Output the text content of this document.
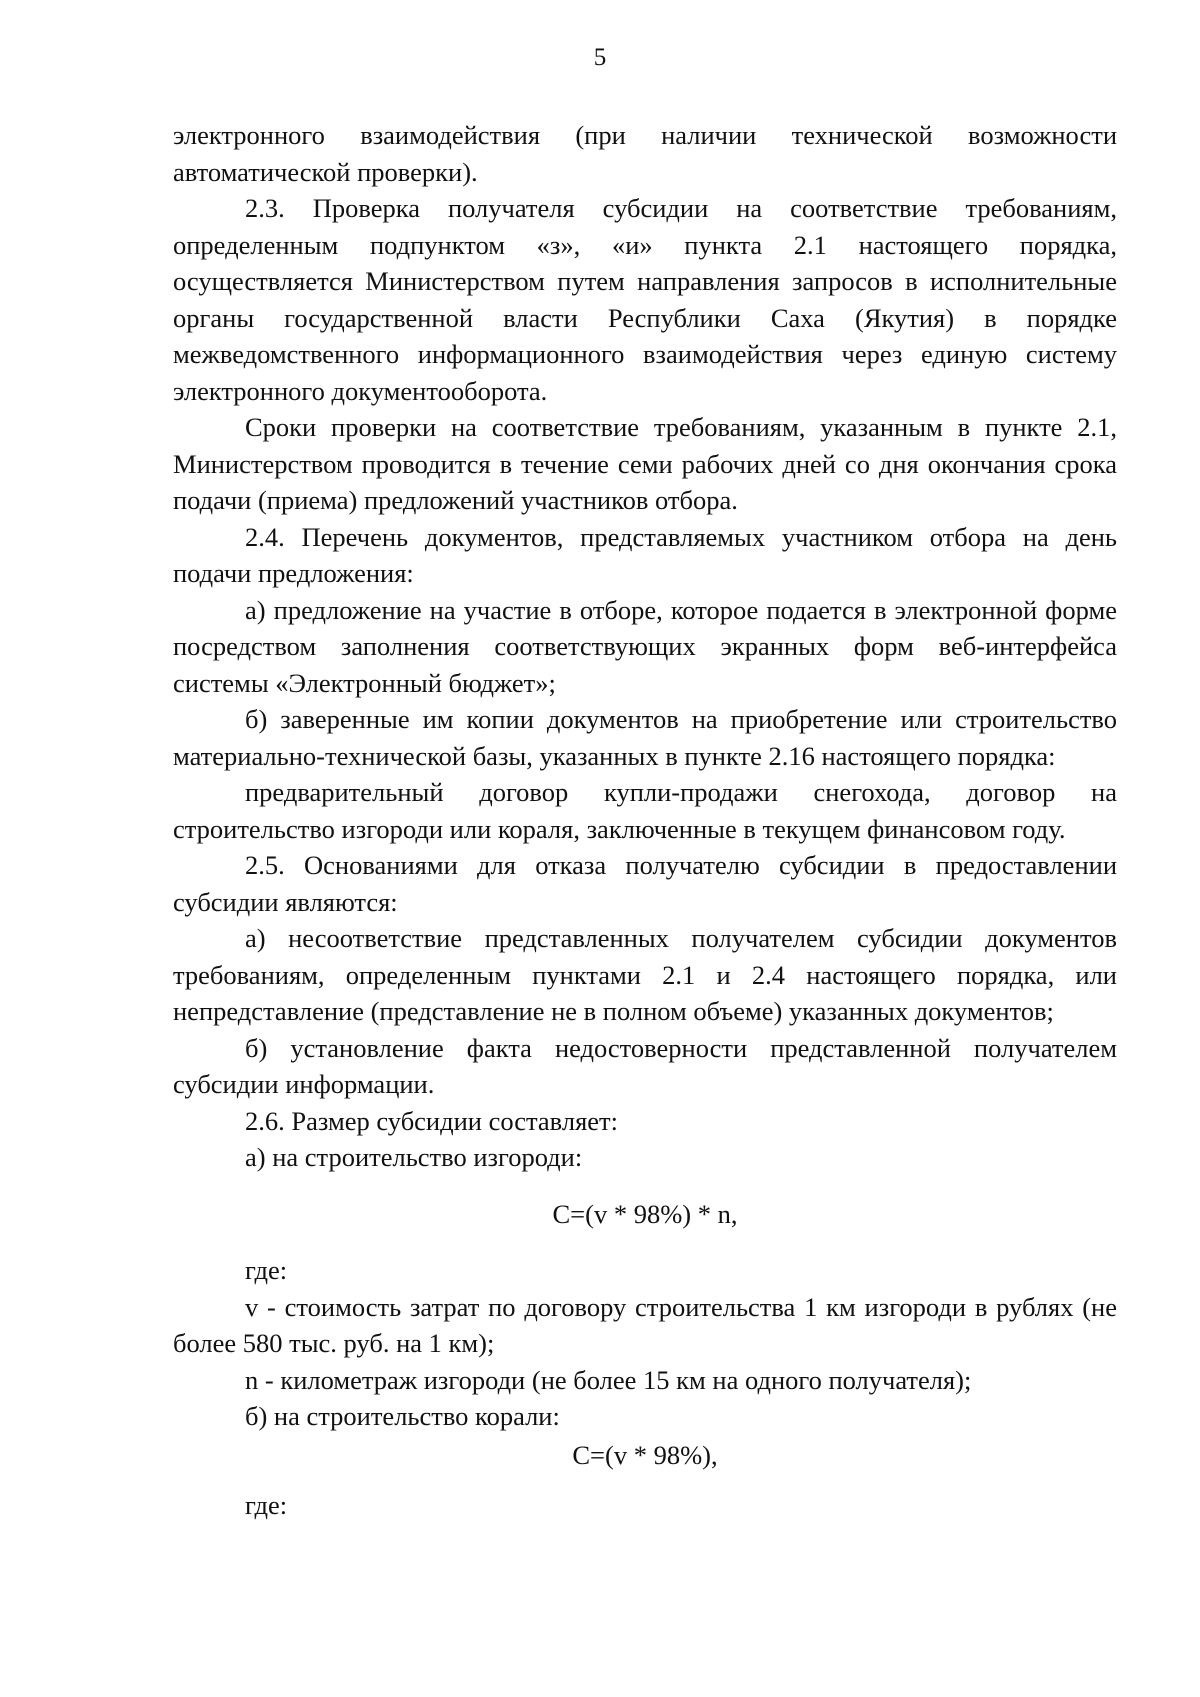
5

электронного взаимодействия (при наличии технической возможности автоматической проверки).

2.3. Проверка получателя субсидии на соответствие требованиям, определенным подпунктом «з», «и» пункта 2.1 настоящего порядка, осуществляется Министерством путем направления запросов в исполнительные органы государственной власти Республики Саха (Якутия) в порядке межведомственного информационного взаимодействия через единую систему электронного документооборота.

Сроки проверки на соответствие требованиям, указанным в пункте 2.1, Министерством проводится в течение семи рабочих дней со дня окончания срока подачи (приема) предложений участников отбора.

2.4. Перечень документов, представляемых участником отбора на день подачи предложения:

а) предложение на участие в отборе, которое подается в электронной форме посредством заполнения соответствующих экранных форм веб-интерфейса системы «Электронный бюджет»;

б) заверенные им копии документов на приобретение или строительство материально-технической базы, указанных в пункте 2.16 настоящего порядка:

предварительный договор купли-продажи снегохода, договор на строительство изгороди или кораля, заключенные в текущем финансовом году.

2.5. Основаниями для отказа получателю субсидии в предоставлении субсидии являются:

а) несоответствие представленных получателем субсидии документов требованиям, определенным пунктами 2.1 и 2.4 настоящего порядка, или непредставление (представление не в полном объеме) указанных документов;

б) установление факта недостоверности представленной получателем субсидии информации.

2.6. Размер субсидии составляет:

а) на строительство изгороди:

C=(v * 98%) * n,

где:

v - стоимость затрат по договору строительства 1 км изгороди в рублях (не более 580 тыс. руб. на 1 км);

n - километраж изгороди (не более 15 км на одного получателя);

б) на строительство корали:

C=(v * 98%),

где:
